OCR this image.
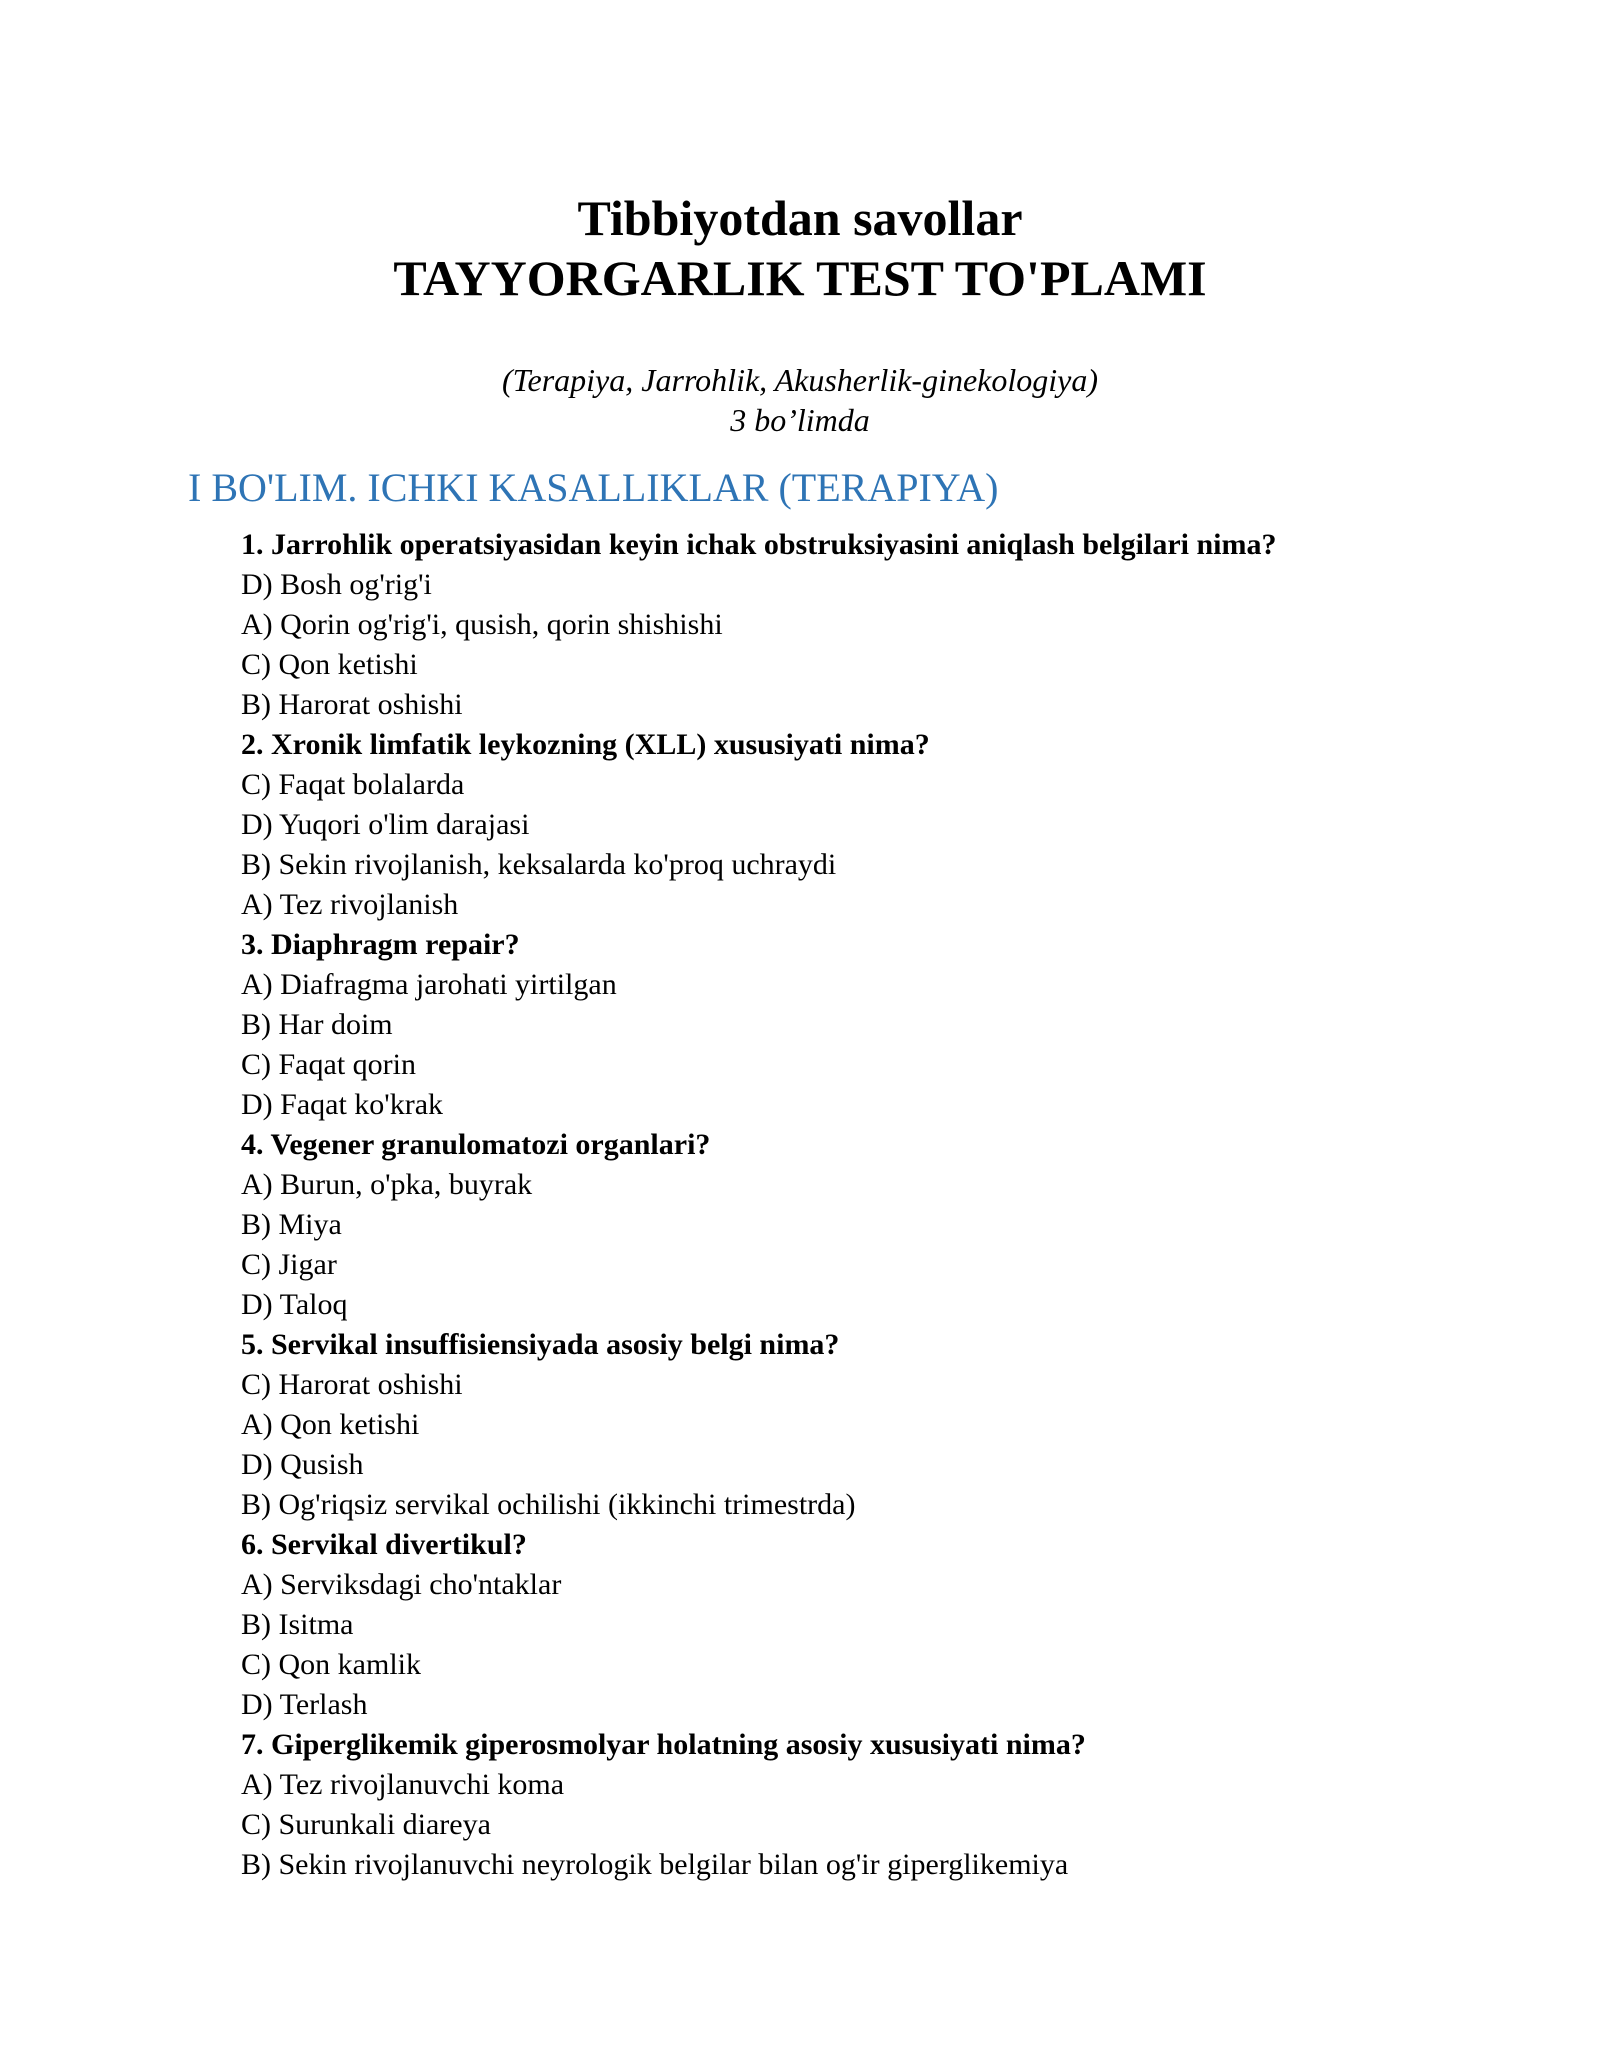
Tibbiyotdan savollar
TAYYORGARLIK TEST TO'PLAMI
(Terapiya, Jarrohlik, Akusherlik-ginekologiya)
3 bo’limda
I BO'LIM. ICHKI KASALLIKLAR (TERAPIYA)
1. Jarrohlik operatsiyasidan keyin ichak obstruksiyasini aniqlash belgilari nima?
D) Bosh og'rig'i
A) Qorin og'rig'i, qusish, qorin shishishi
C) Qon ketishi
B) Harorat oshishi
2. Xronik limfatik leykozning (XLL) xususiyati nima?
C) Faqat bolalarda
D) Yuqori o'lim darajasi
B) Sekin rivojlanish, keksalarda ko'proq uchraydi
A) Tez rivojlanish
3. Diaphragm repair?
A) Diafragma jarohati yirtilgan
B) Har doim
C) Faqat qorin
D) Faqat ko'krak
4. Vegener granulomatozi organlari?
A) Burun, o'pka, buyrak
B) Miya
C) Jigar
D) Taloq
5. Servikal insuffisiensiyada asosiy belgi nima?
C) Harorat oshishi
A) Qon ketishi
D) Qusish
B) Og'riqsiz servikal ochilishi (ikkinchi trimestrda)
6. Servikal divertikul?
A) Serviksdagi cho'ntaklar
B) Isitma
C) Qon kamlik
D) Terlash
7. Giperglikemik giperosmolyar holatning asosiy xususiyati nima?
A) Tez rivojlanuvchi koma
C) Surunkali diareya
B) Sekin rivojlanuvchi neyrologik belgilar bilan og'ir giperglikemiya
